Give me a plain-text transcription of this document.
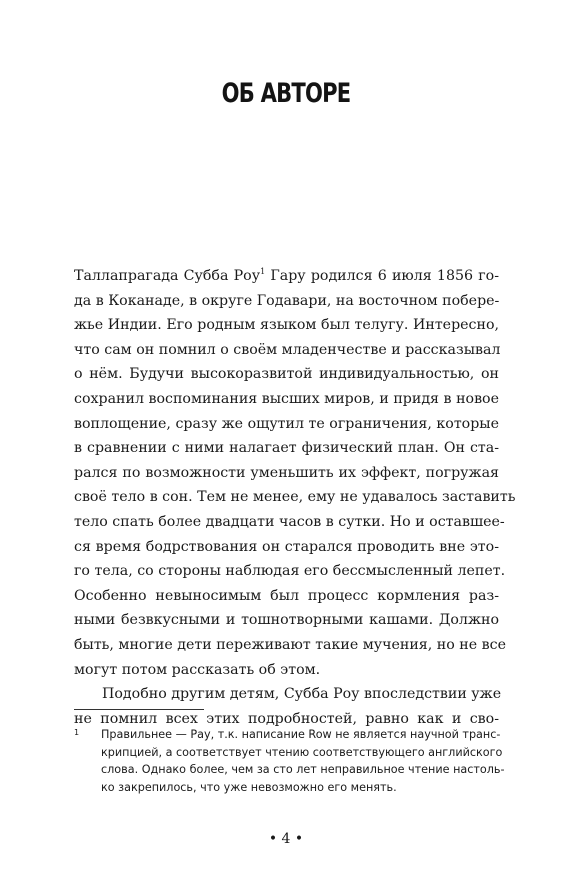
ОБ АВТОРЕ
Таллапрагада Субба Роу$^1$ Гару родился 6 июля 1856 го-
да в Коканаде, в округе Годавари, на восточном побере-
жье Индии. Его родным языком был телугу. Интересно,
что сам он помнил о своём младенчестве и рассказывал
о нём. Будучи высокоразвитой индивидуальностью, он
сохранил воспоминания высших миров, и придя в новое
воплощение, сразу же ощутил те ограничения, которые
в сравнении с ними налагает физический план. Он ста-
рался по возможности уменьшить их эффект, погружая
своё тело в сон. Тем не менее, ему не удавалось заставить
тело спать более двадцати часов в сутки. Но и оставшее-
ся время бодрствования он старался проводить вне это-
го тела, со стороны наблюдая его бессмысленный лепет.
Особенно невыносимым был процесс кормления раз-
ными безвкусными и тошнотворными кашами. Должно
быть, многие дети переживают такие мучения, но не все
могут потом рассказать об этом.
Подобно другим детям, Субба Роу впоследствии уже
не помнил всех этих подробностей, равно как и сво-
1 Правильнее — Рау, т.к. написание Row не является научной транс-
крипцией, а соответствует чтению соответствующего английского
слова. Однако более, чем за сто лет неправильное чтение настоль-
ко закрепилось, что уже невозможно его менять.
• 4 •
